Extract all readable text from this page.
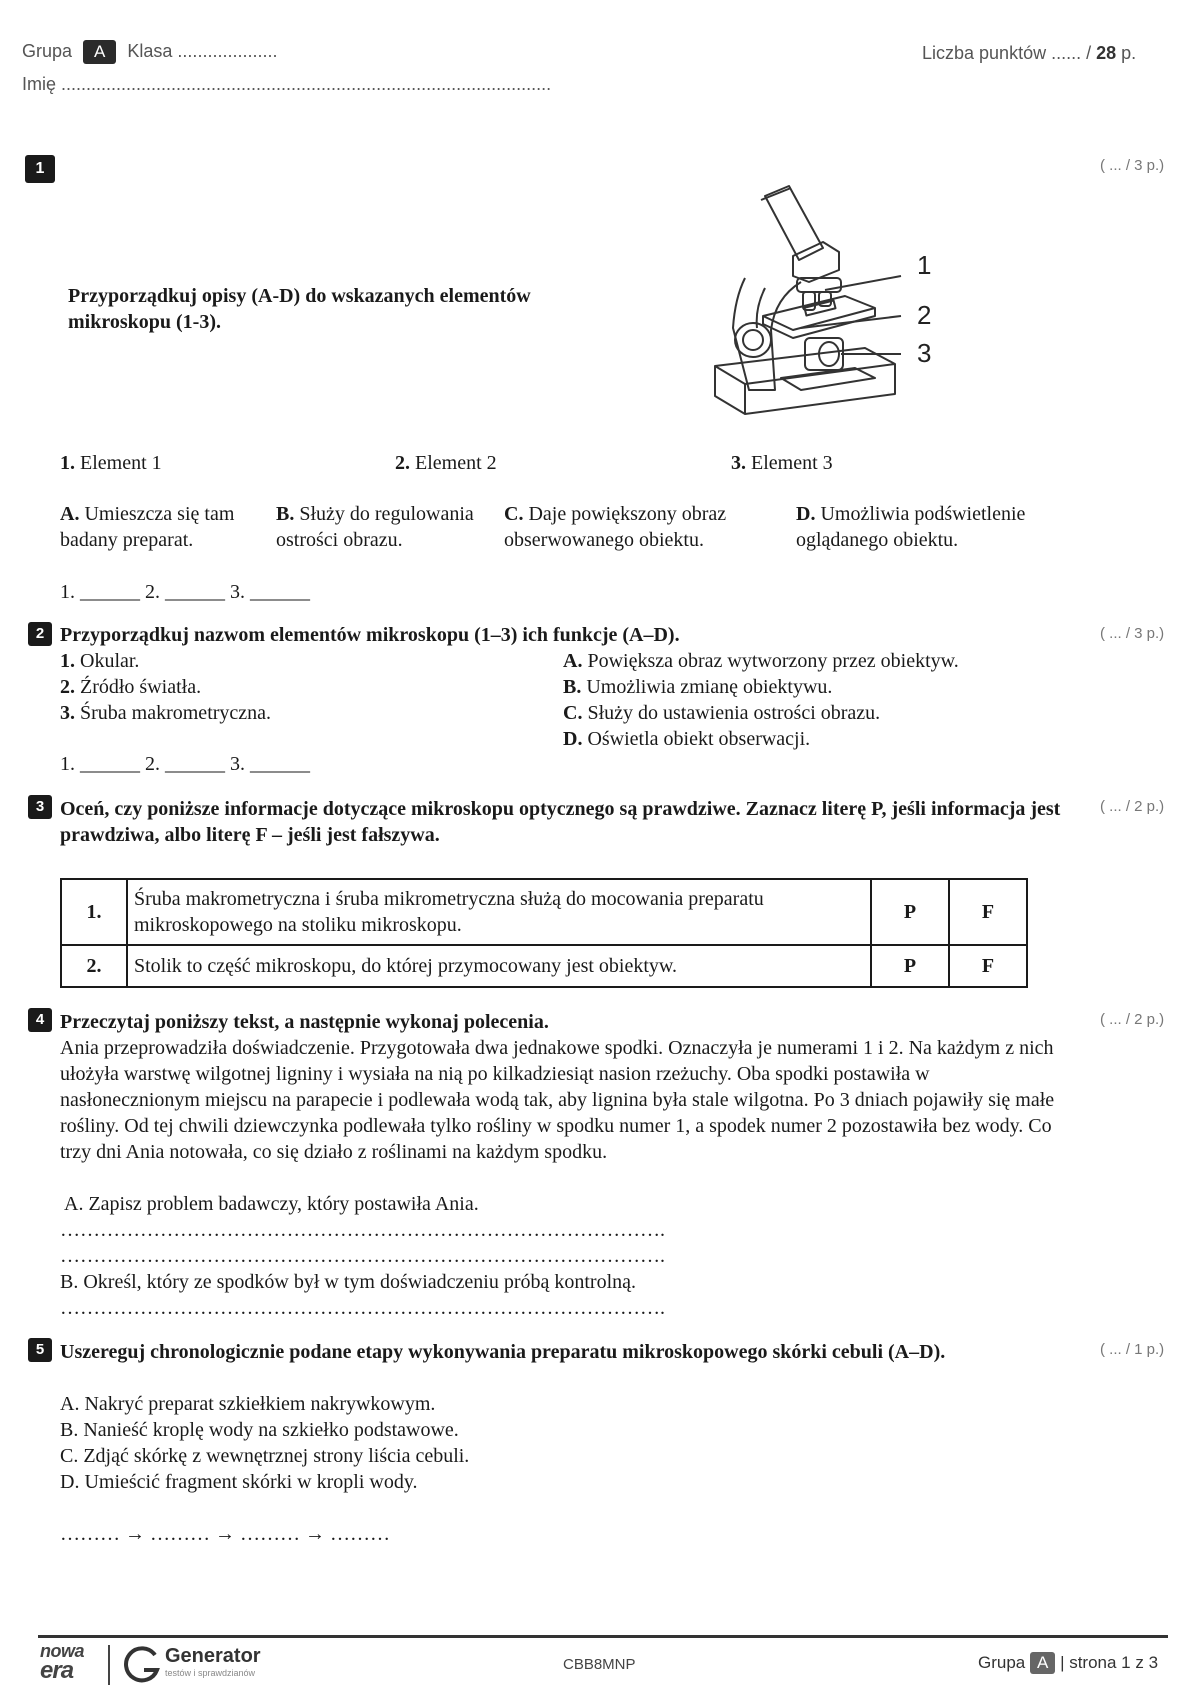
Grupa A Klasa ....................
Imię ..................................................................................................
Liczba punktów ...... / 28 p.
1	( ... / 3 p.)
Przyporządkuj opisy (A-D) do wskazanych elementów mikroskopu (1-3).
1
2
3
1. Element 1	2. Element 2	3. Element 3
A. Umieszcza się tam badany preparat.
B. Służy do regulowania ostrości obrazu.
C. Daje powiększony obraz obserwowanego obiektu.
D. Umożliwia podświetlenie oglądanego obiektu.
1. ______ 2. ______ 3. ______
2	( ... / 3 p.)
Przyporządkuj nazwom elementów mikroskopu (1–3) ich funkcje (A–D).
1. Okular.
2. Źródło światła.
3. Śruba makrometryczna.
A. Powiększa obraz wytworzony przez obiektyw.
B. Umożliwia zmianę obiektywu.
C. Służy do ustawienia ostrości obrazu.
D. Oświetla obiekt obserwacji.
1. ______ 2. ______ 3. ______
3	( ... / 2 p.)
Oceń, czy poniższe informacje dotyczące mikroskopu optycznego są prawdziwe. Zaznacz literę P, jeśli informacja jest prawdziwa, albo literę F – jeśli jest fałszywa.
1.	Śruba makrometryczna i śruba mikrometryczna służą do mocowania preparatu mikroskopowego na stoliku mikroskopu.	P	F
2.	Stolik to część mikroskopu, do której przymocowany jest obiektyw.	P	F
4	( ... / 2 p.)
Przeczytaj poniższy tekst, a następnie wykonaj polecenia.
Ania przeprowadziła doświadczenie. Przygotowała dwa jednakowe spodki. Oznaczyła je numerami 1 i 2. Na każdym z nich ułożyła warstwę wilgotnej ligniny i wysiała na nią po kilkadziesiąt nasion rzeżuchy. Oba spodki postawiła w nasłonecznionym miejscu na parapecie i podlewała wodą tak, aby lignina była stale wilgotna. Po 3 dniach pojawiły się małe rośliny. Od tej chwili dziewczynka podlewała tylko rośliny w spodku numer 1, a spodek numer 2 pozostawiła bez wody. Co trzy dni Ania notowała, co się działo z roślinami na każdym spodku.
A. Zapisz problem badawczy, który postawiła Ania.
……………………………………………………………………………….
……………………………………………………………………………….
B. Określ, który ze spodków był w tym doświadczeniu próbą kontrolną.
……………………………………………………………………………….
5	( ... / 1 p.)
Uszereguj chronologicznie podane etapy wykonywania preparatu mikroskopowego skórki cebuli (A–D).
A. Nakryć preparat szkiełkiem nakrywkowym.
B. Nanieść kroplę wody na szkiełko podstawowe.
C. Zdjąć skórkę z wewnętrznej strony liścia cebuli.
D. Umieścić fragment skórki w kropli wody.
……… → ……… → ……… → ………
nowa
era
Generator
testów i sprawdzianów	CBB8MNP	Grupa A | strona 1 z 3
